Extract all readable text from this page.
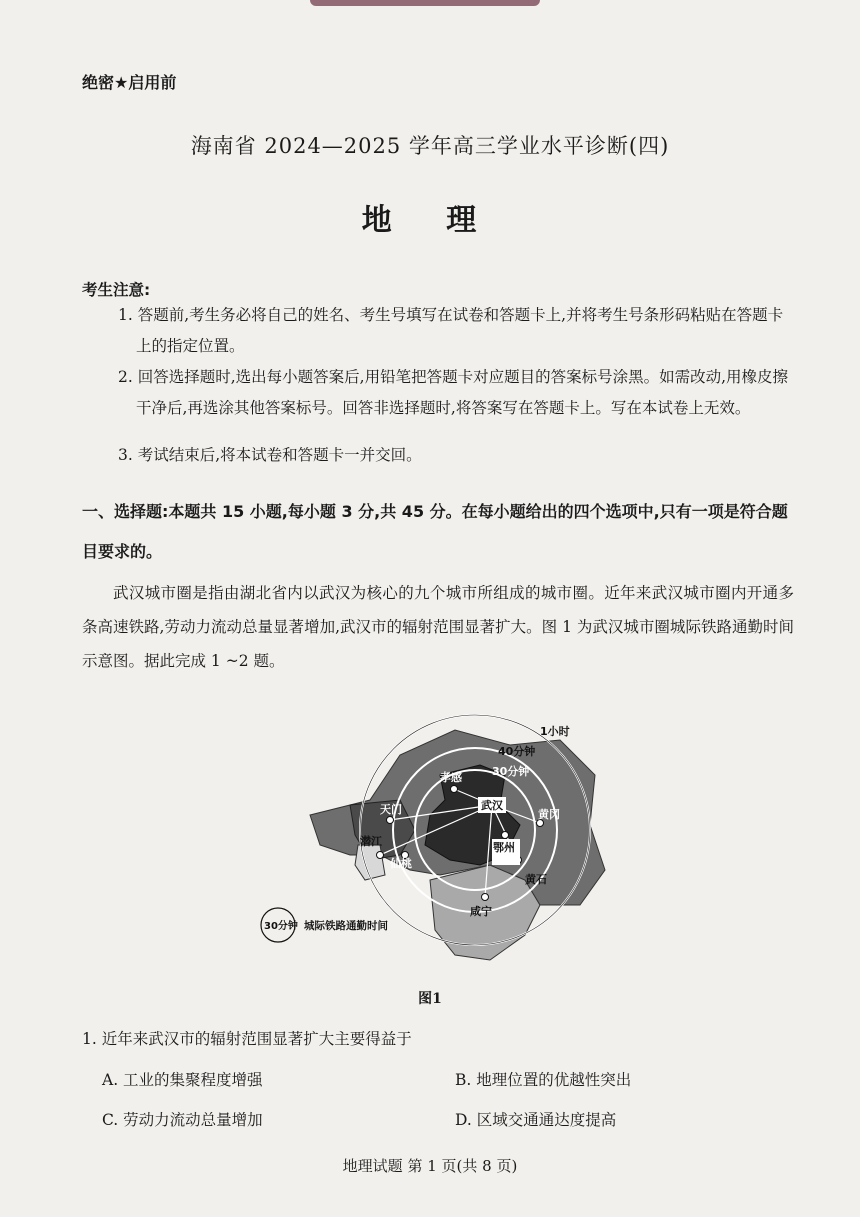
绝密★启用前
海南省 2024—2025 学年高三学业水平诊断(四)
地 理
考生注意:
1. 答题前,考生务必将自己的姓名、考生号填写在试卷和答题卡上,并将考生号条形码粘贴在答题卡上的指定位置。
2. 回答选择题时,选出每小题答案后,用铅笔把答题卡对应题目的答案标号涂黑。如需改动,用橡皮擦干净后,再选涂其他答案标号。回答非选择题时,将答案写在答题卡上。写在本试卷上无效。
3. 考试结束后,将本试卷和答题卡一并交回。
一、选择题:本题共 15 小题,每小题 3 分,共 45 分。在每小题给出的四个选项中,只有一项是符合题目要求的。
武汉城市圈是指由湖北省内以武汉为核心的九个城市所组成的城市圈。近年来武汉城市圈内开通多条高速铁路,劳动力流动总量显著增加,武汉市的辐射范围显著扩大。图 1 为武汉城市圈城际铁路通勤时间示意图。据此完成 1 ~2 题。
武汉
孝感
天门
潜江
仙桃
鄂州
黄冈
黄石
咸宁
1小时
40分钟
30分钟
30分钟 城际铁路通勤时间
图1
1. 近年来武汉市的辐射范围显著扩大主要得益于
A. 工业的集聚程度增强	B. 地理位置的优越性突出
C. 劳动力流动总量增加	D. 区域交通通达度提高
地理试题 第 1 页(共 8 页)
